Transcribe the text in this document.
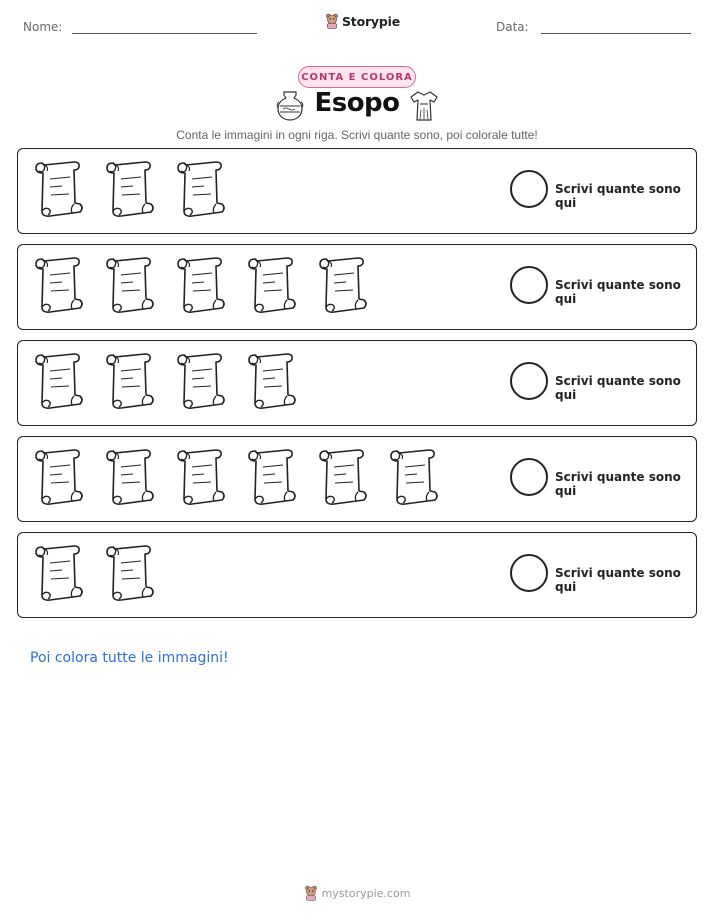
Nome:	Storypie	Data:
CONTA E COLORA
Esopo
Conta le immagini in ogni riga. Scrivi quante sono, poi colorale tutte!
Scrivi quante sono qui
Scrivi quante sono qui
Scrivi quante sono qui
Scrivi quante sono qui
Scrivi quante sono qui
Poi colora tutte le immagini!
mystorypie.com
